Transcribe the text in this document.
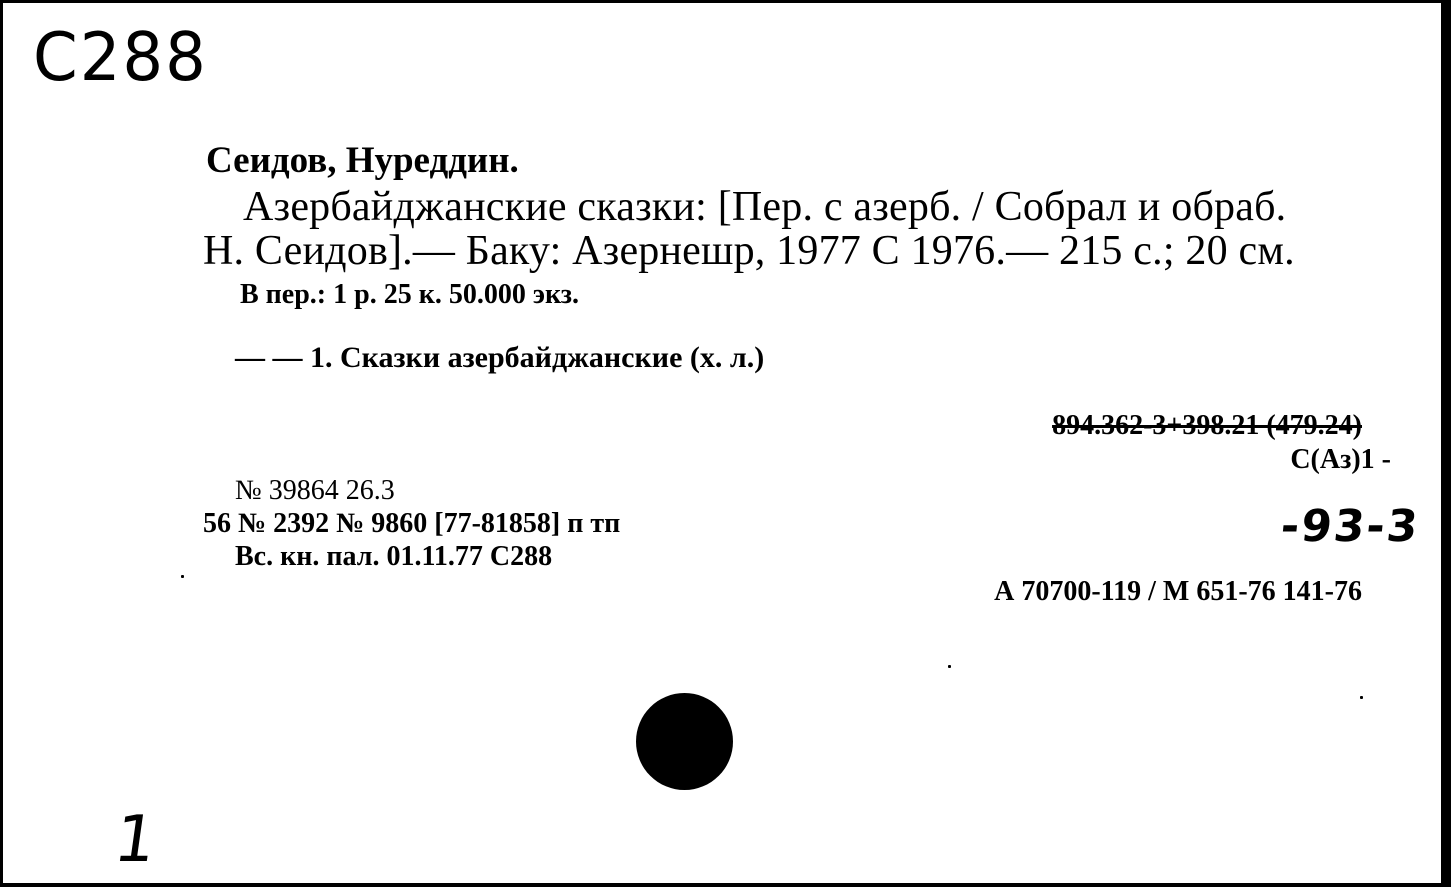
C288
Сеидов, Нуреддин.
Азербайджанские сказки: [Пер. с азерб. / Собрал и обраб.
Н. Сеидов].— Баку: Азернешр, 1977 С 1976.— 215 с.; 20 см.
В пер.: 1 р. 25 к. 50.000 экз.
— — 1. Сказки азербайджанские (х. л.)
894.362-3+398.21 (479.24)
С(Аз)1 -
-93-3
№ 39864 26.3
56 № 2392 № 9860 [77-81858] п тп
Вс. кн. пал. 01.11.77 С288
А 70700-119 / М 651-76 141-76
1
